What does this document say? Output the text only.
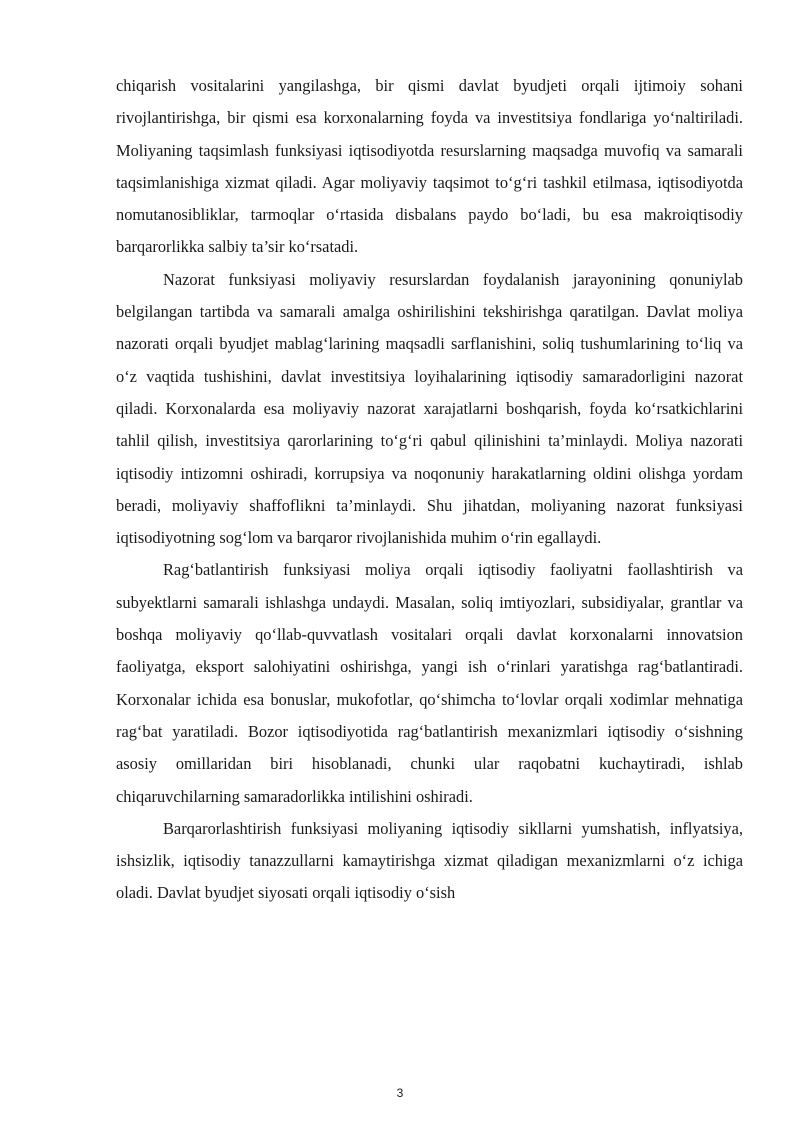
chiqarish vositalarini yangilashga, bir qismi davlat byudjeti orqali ijtimoiy sohani rivojlantirishga, bir qismi esa korxonalarning foyda va investitsiya fondlariga yo‘naltiriladi. Moliyaning taqsimlash funksiyasi iqtisodiyotda resurslarning maqsadga muvofiq va samarali taqsimlanishiga xizmat qiladi. Agar moliyaviy taqsimot to‘g‘ri tashkil etilmasa, iqtisodiyotda nomutanosibliklar, tarmoqlar o‘rtasida disbalans paydo bo‘ladi, bu esa makroiqtisodiy barqarorlikka salbiy ta’sir ko‘rsatadi.

Nazorat funksiyasi moliyaviy resurslardan foydalanish jarayonining qonuniylab belgilangan tartibda va samarali amalga oshirilishini tekshirishga qaratilgan. Davlat moliya nazorati orqali byudjet mablag‘larining maqsadli sarflanishini, soliq tushumlarining to‘liq va o‘z vaqtida tushishini, davlat investitsiya loyihalarining iqtisodiy samaradorligini nazorat qiladi. Korxonalarda esa moliyaviy nazorat xarajatlarni boshqarish, foyda ko‘rsatkichlarini tahlil qilish, investitsiya qarorlarining to‘g‘ri qabul qilinishini ta’minlaydi. Moliya nazorati iqtisodiy intizomni oshiradi, korrupsiya va noqonuniy harakatlarning oldini olishga yordam beradi, moliyaviy shaffoflikni ta’minlaydi. Shu jihatdan, moliyaning nazorat funksiyasi iqtisodiyotning sog‘lom va barqaror rivojlanishida muhim o‘rin egallaydi.

Rag‘batlantirish funksiyasi moliya orqali iqtisodiy faoliyatni faollashtirish va subyektlarni samarali ishlashga undaydi. Masalan, soliq imtiyozlari, subsidiyalar, grantlar va boshqa moliyaviy qo‘llab-quvvatlash vositalari orqali davlat korxonalarni innovatsion faoliyatga, eksport salohiyatini oshirishga, yangi ish o‘rinlari yaratishga rag‘batlantiradi. Korxonalar ichida esa bonuslar, mukofotlar, qo‘shimcha to‘lovlar orqali xodimlar mehnatiga rag‘bat yaratiladi. Bozor iqtisodiyotida rag‘batlantirish mexanizmlari iqtisodiy o‘sishning asosiy omillaridan biri hisoblanadi, chunki ular raqobatni kuchaytiradi, ishlab chiqaruvchilarning samaradorlikka intilishini oshiradi.

Barqarorlashtirish funksiyasi moliyaning iqtisodiy sikllarni yumshatish, inflyatsiya, ishsizlik, iqtisodiy tanazzullarni kamaytirishga xizmat qiladigan mexanizmlarni o‘z ichiga oladi. Davlat byudjet siyosati orqali iqtisodiy o‘sish

3
